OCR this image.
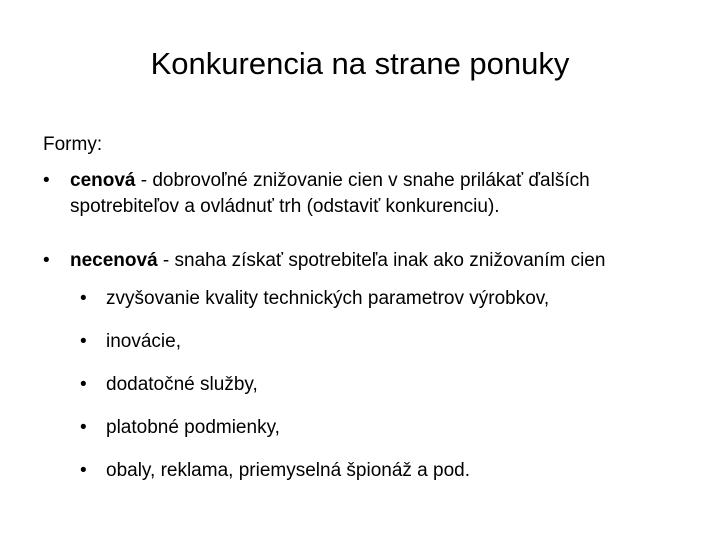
Konkurencia na strane ponuky
Formy:
• cenová - dobrovoľné znižovanie cien v snahe prilákať ďalších spotrebiteľov a ovládnuť trh (odstaviť konkurenciu).
• necenová - snaha získať spotrebiteľa inak ako znižovaním cien
• zvyšovanie kvality technických parametrov výrobkov,
• inovácie,
• dodatočné služby,
• platobné podmienky,
• obaly, reklama, priemyselná špionáž a pod.
